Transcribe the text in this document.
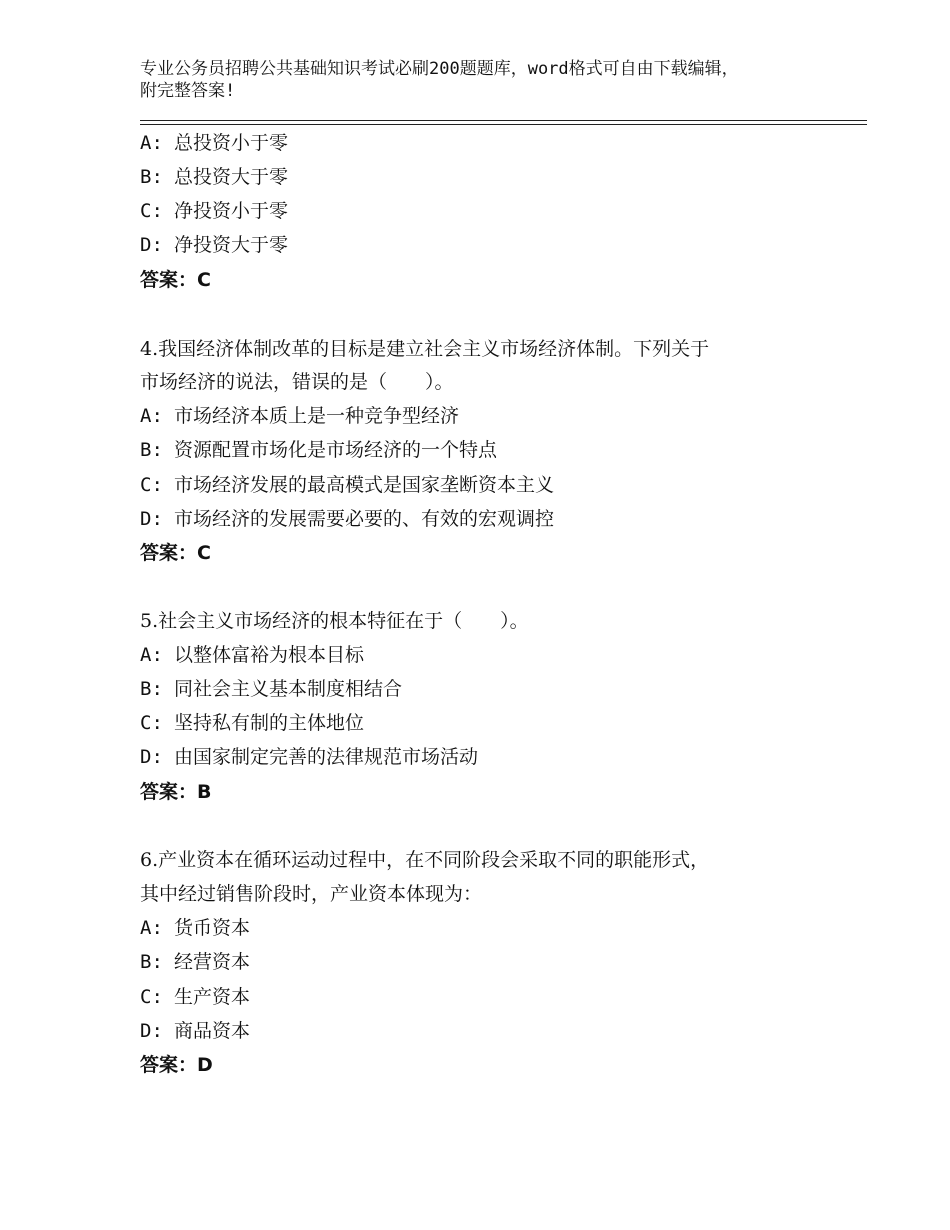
专业公务员招聘公共基础知识考试必刷200题题库，word格式可自由下载编辑，
附完整答案!
A: 总投资小于零
B: 总投资大于零
C: 净投资小于零
D: 净投资大于零
答案：C
4.我国经济体制改革的目标是建立社会主义市场经济体制。下列关于
市场经济的说法，错误的是（　　）。
A: 市场经济本质上是一种竞争型经济
B: 资源配置市场化是市场经济的一个特点
C: 市场经济发展的最高模式是国家垄断资本主义
D: 市场经济的发展需要必要的、有效的宏观调控
答案：C
5.社会主义市场经济的根本特征在于（　　）。
A: 以整体富裕为根本目标
B: 同社会主义基本制度相结合
C: 坚持私有制的主体地位
D: 由国家制定完善的法律规范市场活动
答案：B
6.产业资本在循环运动过程中，在不同阶段会采取不同的职能形式，
其中经过销售阶段时，产业资本体现为：
A: 货币资本
B: 经营资本
C: 生产资本
D: 商品资本
答案：D
